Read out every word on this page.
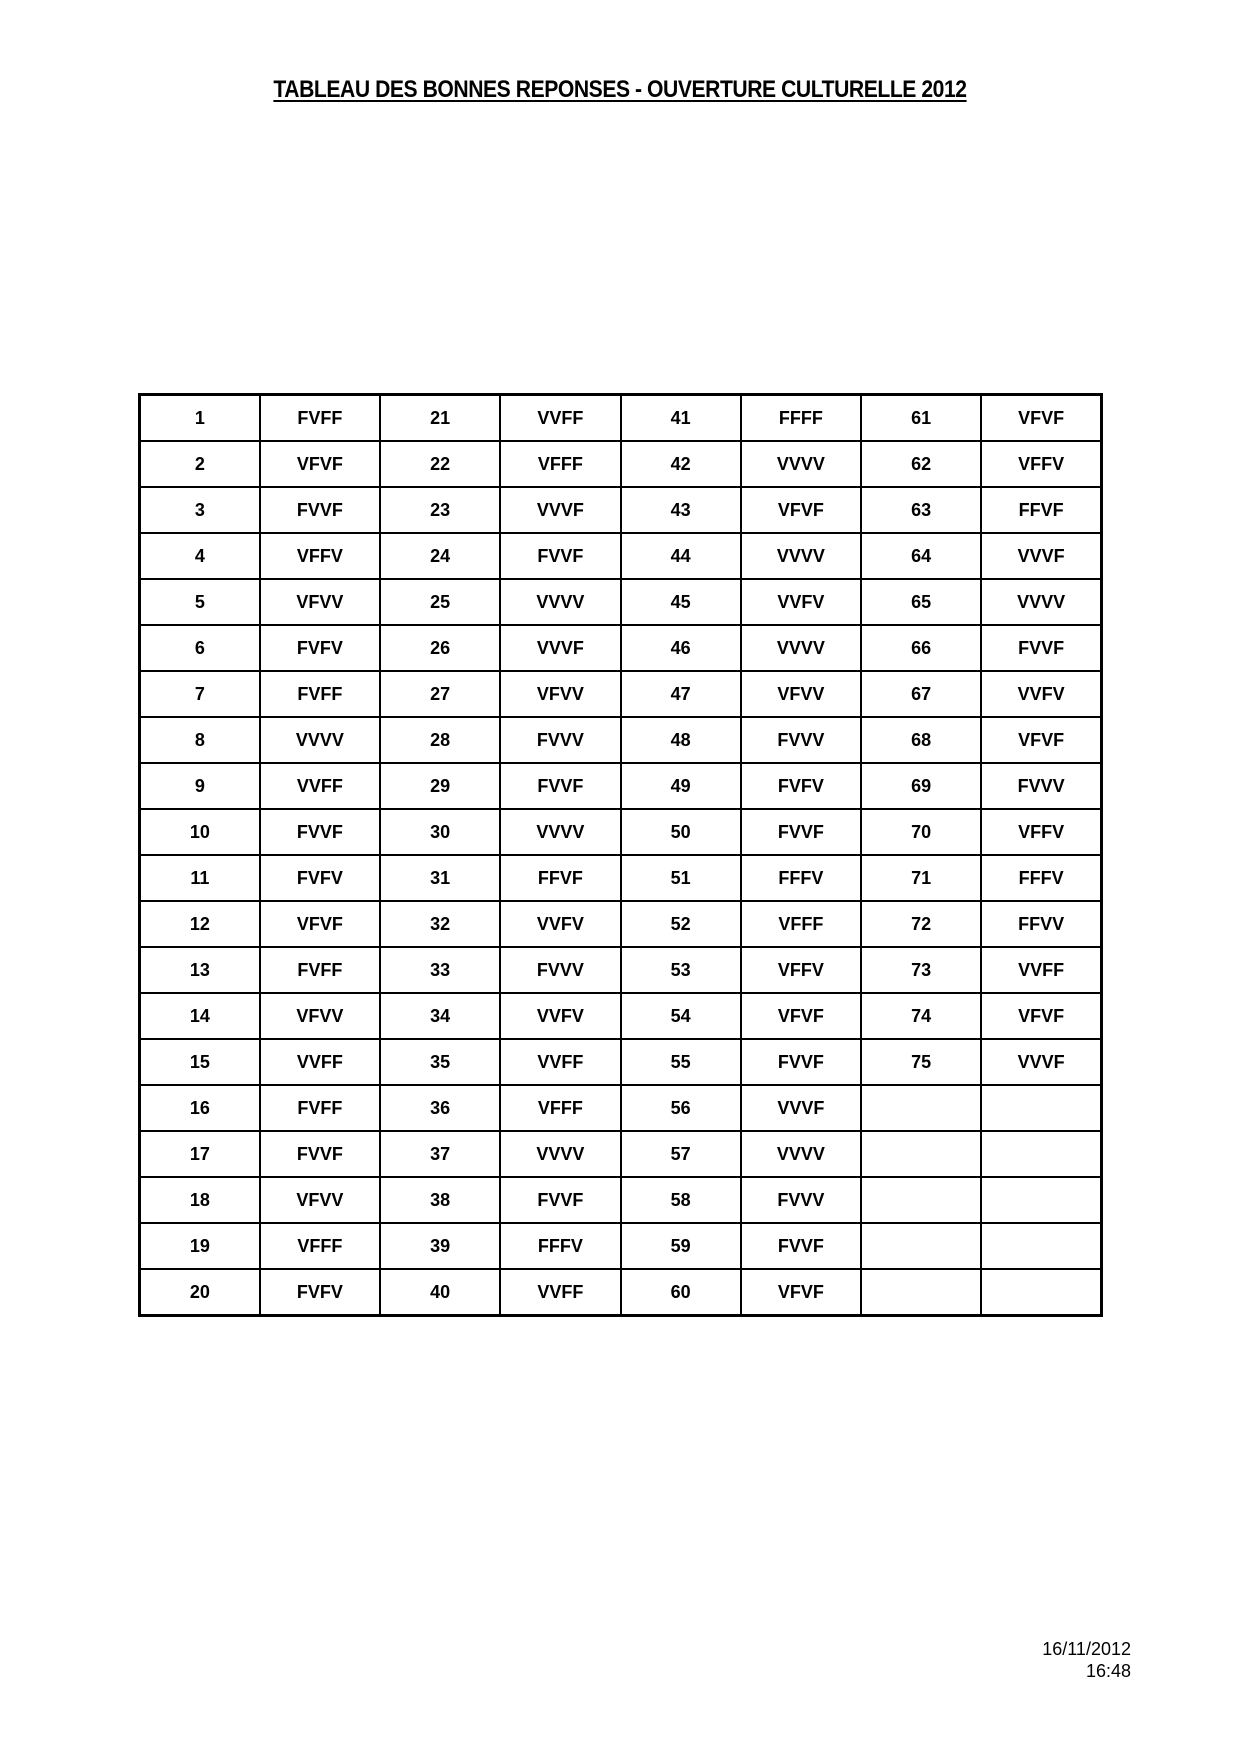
TABLEAU DES BONNES REPONSES - OUVERTURE CULTURELLE 2012
1	FVFF	21	VVFF	41	FFFF	61	VFVF
2	VFVF	22	VFFF	42	VVVV	62	VFFV
3	FVVF	23	VVVF	43	VFVF	63	FFVF
4	VFFV	24	FVVF	44	VVVV	64	VVVF
5	VFVV	25	VVVV	45	VVFV	65	VVVV
6	FVFV	26	VVVF	46	VVVV	66	FVVF
7	FVFF	27	VFVV	47	VFVV	67	VVFV
8	VVVV	28	FVVV	48	FVVV	68	VFVF
9	VVFF	29	FVVF	49	FVFV	69	FVVV
10	FVVF	30	VVVV	50	FVVF	70	VFFV
11	FVFV	31	FFVF	51	FFFV	71	FFFV
12	VFVF	32	VVFV	52	VFFF	72	FFVV
13	FVFF	33	FVVV	53	VFFV	73	VVFF
14	VFVV	34	VVFV	54	VFVF	74	VFVF
15	VVFF	35	VVFF	55	FVVF	75	VVVF
16	FVFF	36	VFFF	56	VVVF		
17	FVVF	37	VVVV	57	VVVV		
18	VFVV	38	FVVF	58	FVVV		
19	VFFF	39	FFFV	59	FVVF		
20	FVFV	40	VVFF	60	VFVF		
16/11/2012
16:48
